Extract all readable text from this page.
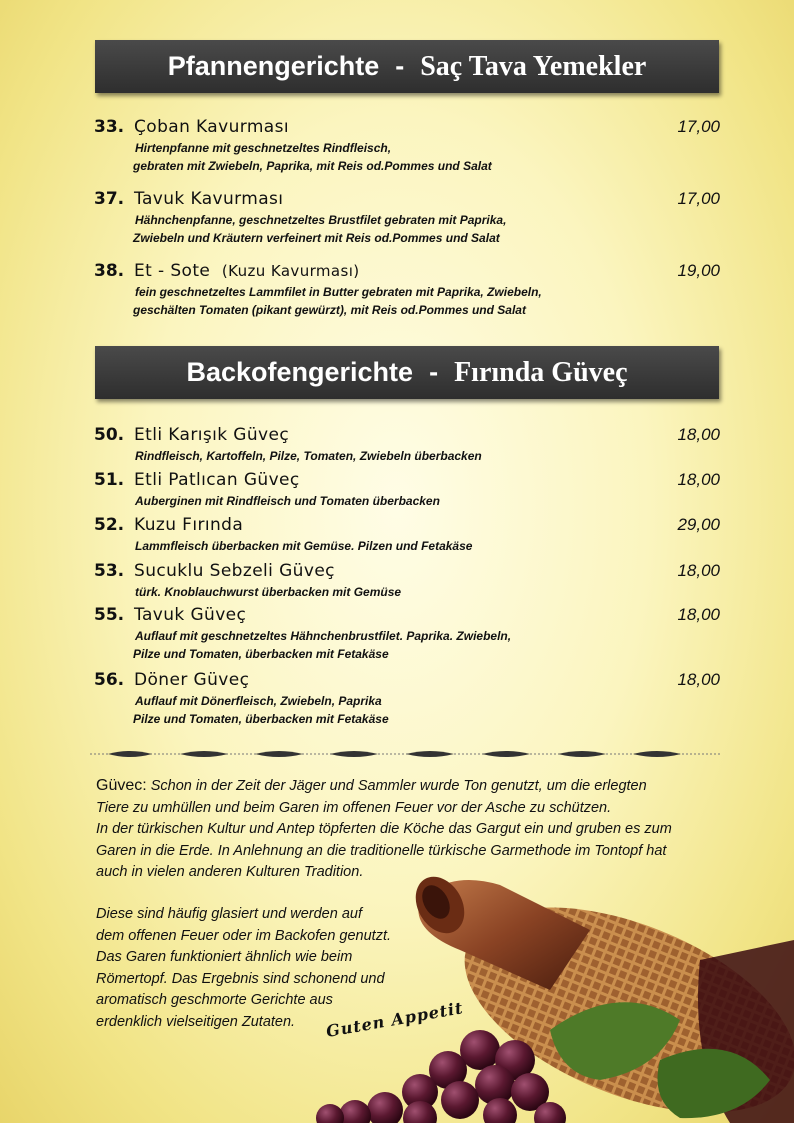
Pfannengerichte - Saç Tava Yemekler
33. Çoban Kavurması	17,00
Hirtenpfanne mit geschnetzeltes Rindfleisch,
gebraten mit Zwiebeln, Paprika, mit Reis od.Pommes und Salat
37. Tavuk Kavurması	17,00
Hähnchenpfanne, geschnetzeltes Brustfilet gebraten mit Paprika,
Zwiebeln und Kräutern verfeinert mit Reis od.Pommes und Salat
38. Et - Sote (Kuzu Kavurması)	19,00
fein geschnetzeltes Lammfilet in Butter gebraten mit Paprika, Zwiebeln,
geschälten Tomaten (pikant gewürzt), mit Reis od.Pommes und Salat
Backofengerichte - Fırında Güveç
50. Etli Karışık Güveç	18,00
Rindfleisch, Kartoffeln, Pilze, Tomaten, Zwiebeln überbacken
51. Etli Patlıcan Güveç	18,00
Auberginen mit Rindfleisch und Tomaten überbacken
52. Kuzu Fırında	29,00
Lammfleisch überbacken mit Gemüse. Pilzen und Fetakäse
53. Sucuklu Sebzeli Güveç	18,00
türk. Knoblauchwurst überbacken mit Gemüse
55. Tavuk Güveç	18,00
Auflauf mit geschnetzeltes Hähnchenbrustfilet. Paprika. Zwiebeln,
Pilze und Tomaten, überbacken mit Fetakäse
56. Döner Güveç	18,00
Auflauf mit Dönerfleisch, Zwiebeln, Paprika
Pilze und Tomaten, überbacken mit Fetakäse
Güvec: Schon in der Zeit der Jäger und Sammler wurde Ton genutzt, um die erlegten
Tiere zu umhüllen und beim Garen im offenen Feuer vor der Asche zu schützen.
In der türkischen Kultur und Antep töpferten die Köche das Gargut ein und gruben es zum
Garen in die Erde. In Anlehnung an die traditionelle türkische Garmethode im Tontopf hat
auch in vielen anderen Kulturen Tradition.
Diese sind häufig glasiert und werden auf
dem offenen Feuer oder im Backofen genutzt.
Das Garen funktioniert ähnlich wie beim
Römertopf. Das Ergebnis sind schonend und
aromatisch geschmorte Gerichte aus
erdenklich vielseitigen Zutaten.	Guten Appetit
